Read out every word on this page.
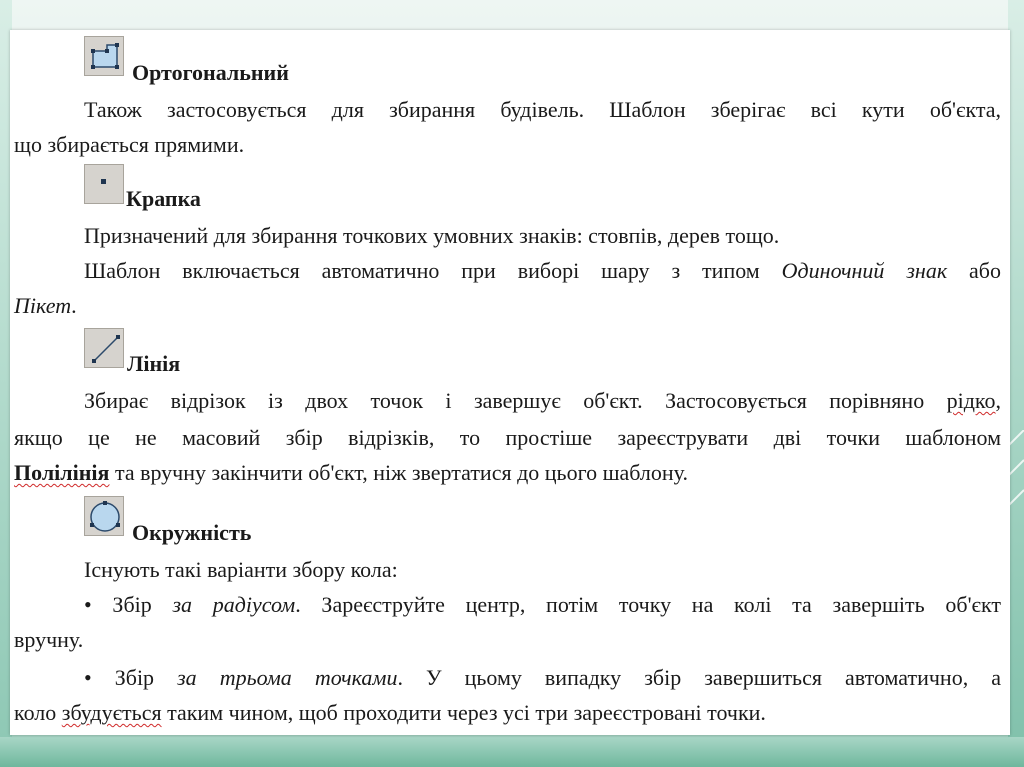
Ортогональний
Також застосовується для збирання будівель. Шаблон зберігає всі кути об'єкта,
що збирається прямими.
Крапка
Призначений для збирання точкових умовних знаків: стовпів, дерев тощо.
Шаблон включається автоматично при виборі шару з типом Одиночний знак або
Пікет.
Лінія
Збирає відрізок із двох точок і завершує об'єкт. Застосовується порівняно рідко,
якщо це не масовий збір відрізків, то простіше зареєструвати дві точки шаблоном
Полілінія та вручну закінчити об'єкт, ніж звертатися до цього шаблону.
Окружність
Існують такі варіанти збору кола:
• Збір за радіусом. Зареєструйте центр, потім точку на колі та завершіть об'єкт
вручну.
• Збір за трьома точками. У цьому випадку збір завершиться автоматично, а
коло збудується таким чином, щоб проходити через усі три зареєстровані точки.
